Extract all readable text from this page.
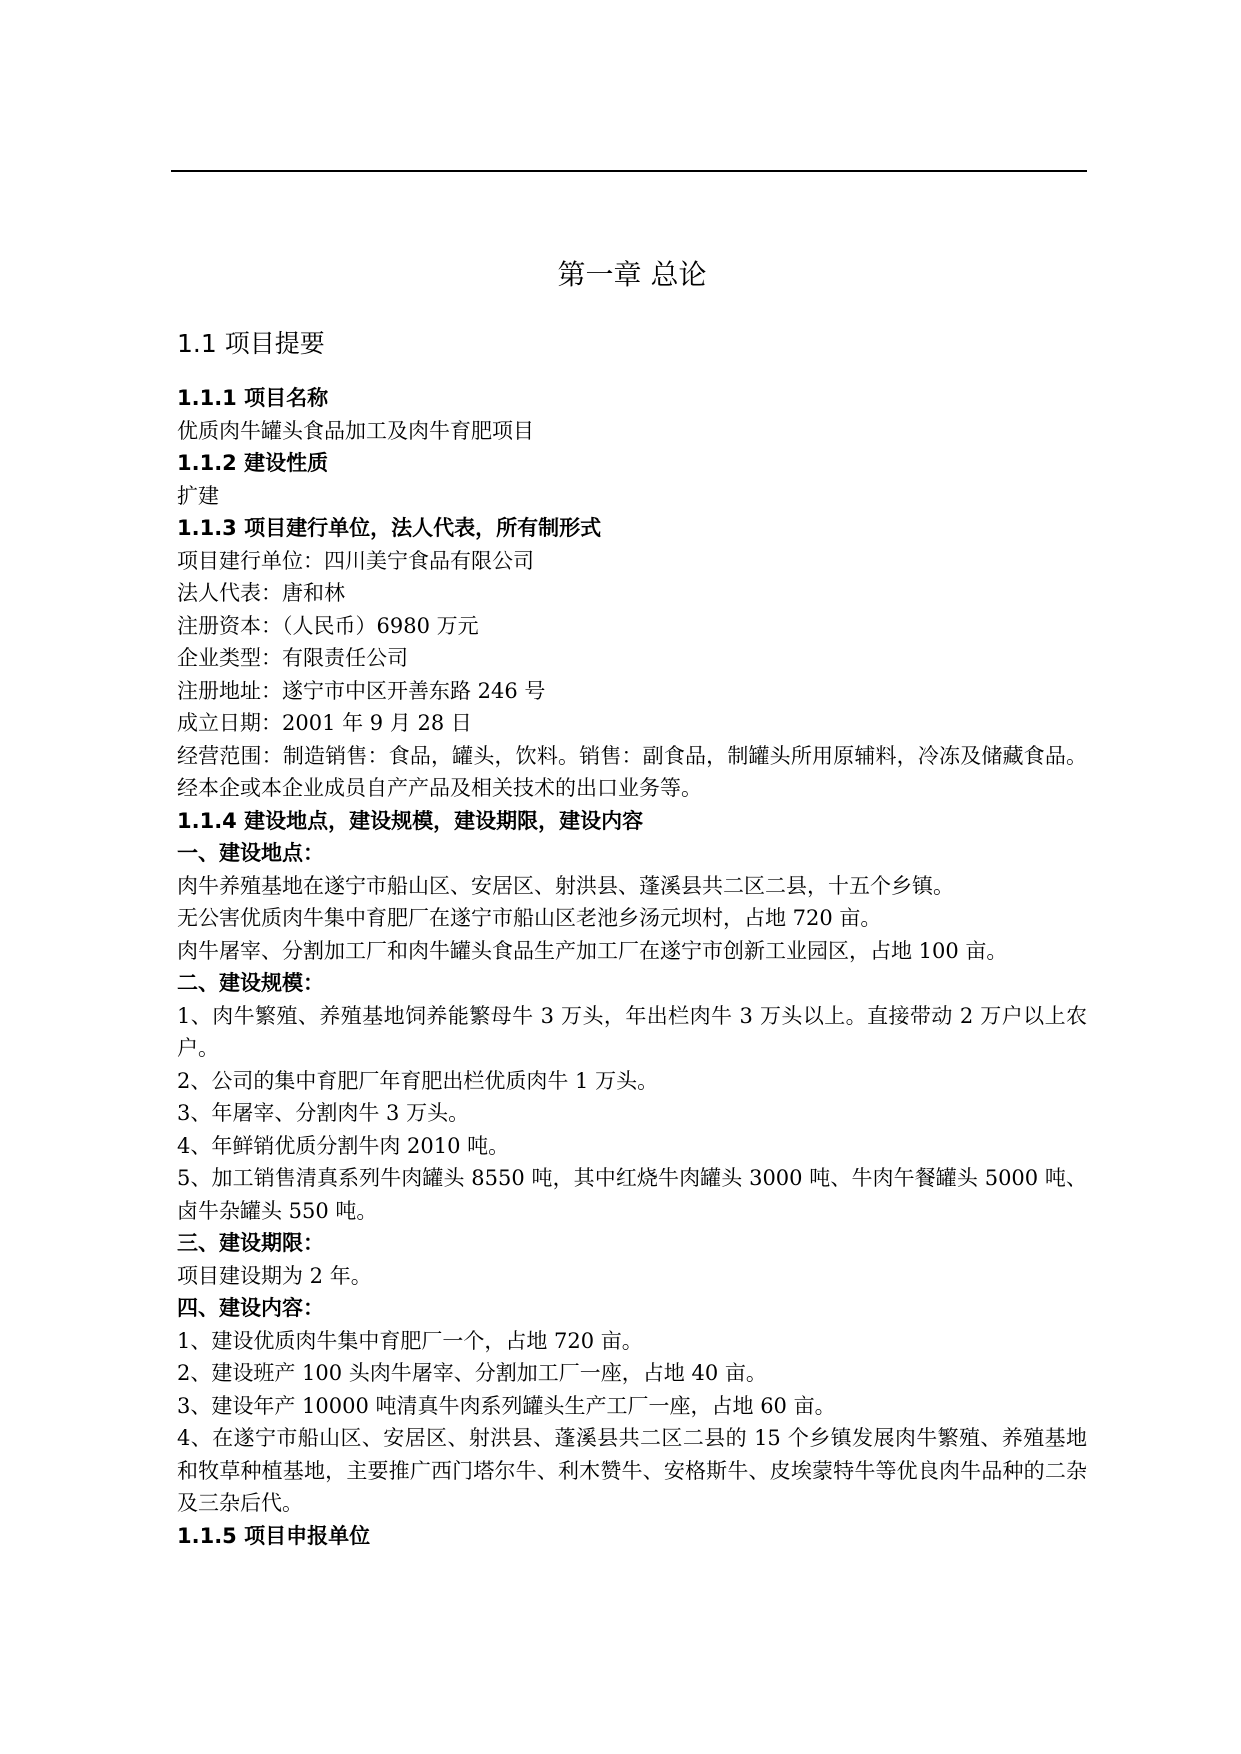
第一章 总论
1.1 项目提要
1.1.1 项目名称
优质肉牛罐头食品加工及肉牛育肥项目
1.1.2 建设性质
扩建
1.1.3 项目建行单位，法人代表，所有制形式
项目建行单位：四川美宁食品有限公司
法人代表：唐和林
注册资本：（人民币）6980 万元
企业类型：有限责任公司
注册地址：遂宁市中区开善东路 246 号
成立日期：2001 年 9 月 28 日
经营范围：制造销售：食品，罐头，饮料。销售：副食品，制罐头所用原辅料，冷冻及储藏食品。经本企或本企业成员自产产品及相关技术的出口业务等。
1.1.4 建设地点，建设规模，建设期限，建设内容
一、建设地点：
肉牛养殖基地在遂宁市船山区、安居区、射洪县、蓬溪县共二区二县，十五个乡镇。
无公害优质肉牛集中育肥厂在遂宁市船山区老池乡汤元坝村，占地 720 亩。
肉牛屠宰、分割加工厂和肉牛罐头食品生产加工厂在遂宁市创新工业园区，占地 100 亩。
二、建设规模：
1、肉牛繁殖、养殖基地饲养能繁母牛 3 万头，年出栏肉牛 3 万头以上。直接带动 2 万户以上农户。
2、公司的集中育肥厂年育肥出栏优质肉牛 1 万头。
3、年屠宰、分割肉牛 3 万头。
4、年鲜销优质分割牛肉 2010 吨。
5、加工销售清真系列牛肉罐头 8550 吨，其中红烧牛肉罐头 3000 吨、牛肉午餐罐头 5000 吨、卤牛杂罐头 550 吨。
三、建设期限：
项目建设期为 2 年。
四、建设内容：
1、建设优质肉牛集中育肥厂一个，占地 720 亩。
2、建设班产 100 头肉牛屠宰、分割加工厂一座，占地 40 亩。
3、建设年产 10000 吨清真牛肉系列罐头生产工厂一座，占地 60 亩。
4、在遂宁市船山区、安居区、射洪县、蓬溪县共二区二县的 15 个乡镇发展肉牛繁殖、养殖基地和牧草种植基地，主要推广西门塔尔牛、利木赞牛、安格斯牛、皮埃蒙特牛等优良肉牛品种的二杂及三杂后代。
1.1.5 项目申报单位
